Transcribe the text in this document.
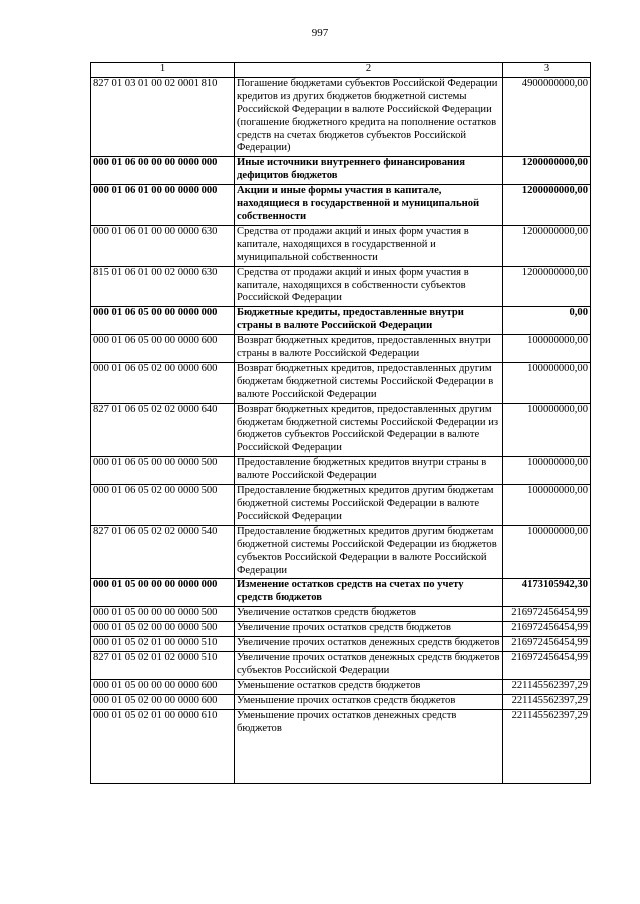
997
1	2	3
827 01 03 01 00 02 0001 810	Погашение бюджетами субъектов Российской Федерации кредитов из других бюджетов бюджетной системы Российской Федерации в валюте Российской Федерации (погашение бюджетного кредита на пополнение остатков средств на счетах бюджетов субъектов Российской Федерации)	4900000000,00
000 01 06 00 00 00 0000 000	Иные источники внутреннего финансирования дефицитов бюджетов	1200000000,00
000 01 06 01 00 00 0000 000	Акции и иные формы участия в капитале, находящиеся в государственной и муниципальной собственности	1200000000,00
000 01 06 01 00 00 0000 630	Средства от продажи акций и иных форм участия в капитале, находящихся в государственной и муниципальной собственности	1200000000,00
815 01 06 01 00 02 0000 630	Средства от продажи акций и иных форм участия в капитале, находящихся в собственности субъектов Российской Федерации	1200000000,00
000 01 06 05 00 00 0000 000	Бюджетные кредиты, предоставленные внутри страны в валюте Российской Федерации	0,00
000 01 06 05 00 00 0000 600	Возврат бюджетных кредитов, предоставленных внутри страны в валюте Российской Федерации	100000000,00
000 01 06 05 02 00 0000 600	Возврат бюджетных кредитов, предоставленных другим бюджетам бюджетной системы Российской Федерации в валюте Российской Федерации	100000000,00
827 01 06 05 02 02 0000 640	Возврат бюджетных кредитов, предоставленных другим бюджетам бюджетной системы Российской Федерации из бюджетов субъектов Российской Федерации в валюте Российской Федерации	100000000,00
000 01 06 05 00 00 0000 500	Предоставление бюджетных кредитов внутри страны в валюте Российской Федерации	100000000,00
000 01 06 05 02 00 0000 500	Предоставление бюджетных кредитов другим бюджетам бюджетной системы Российской Федерации в валюте Российской Федерации	100000000,00
827 01 06 05 02 02 0000 540	Предоставление бюджетных кредитов другим бюджетам бюджетной системы Российской Федерации из бюджетов субъектов Российской Федерации в валюте Российской Федерации	100000000,00
000 01 05 00 00 00 0000 000	Изменение остатков средств на счетах по учету средств бюджетов	4173105942,30
000 01 05 00 00 00 0000 500	Увеличение остатков средств бюджетов	216972456454,99
000 01 05 02 00 00 0000 500	Увеличение прочих остатков средств бюджетов	216972456454,99
000 01 05 02 01 00 0000 510	Увеличение прочих остатков денежных средств бюджетов	216972456454,99
827 01 05 02 01 02 0000 510	Увеличение прочих остатков денежных средств бюджетов субъектов Российской Федерации	216972456454,99
000 01 05 00 00 00 0000 600	Уменьшение остатков средств бюджетов	221145562397,29
000 01 05 02 00 00 0000 600	Уменьшение прочих остатков средств бюджетов	221145562397,29
000 01 05 02 01 00 0000 610	Уменьшение прочих остатков денежных средств бюджетов	221145562397,29
